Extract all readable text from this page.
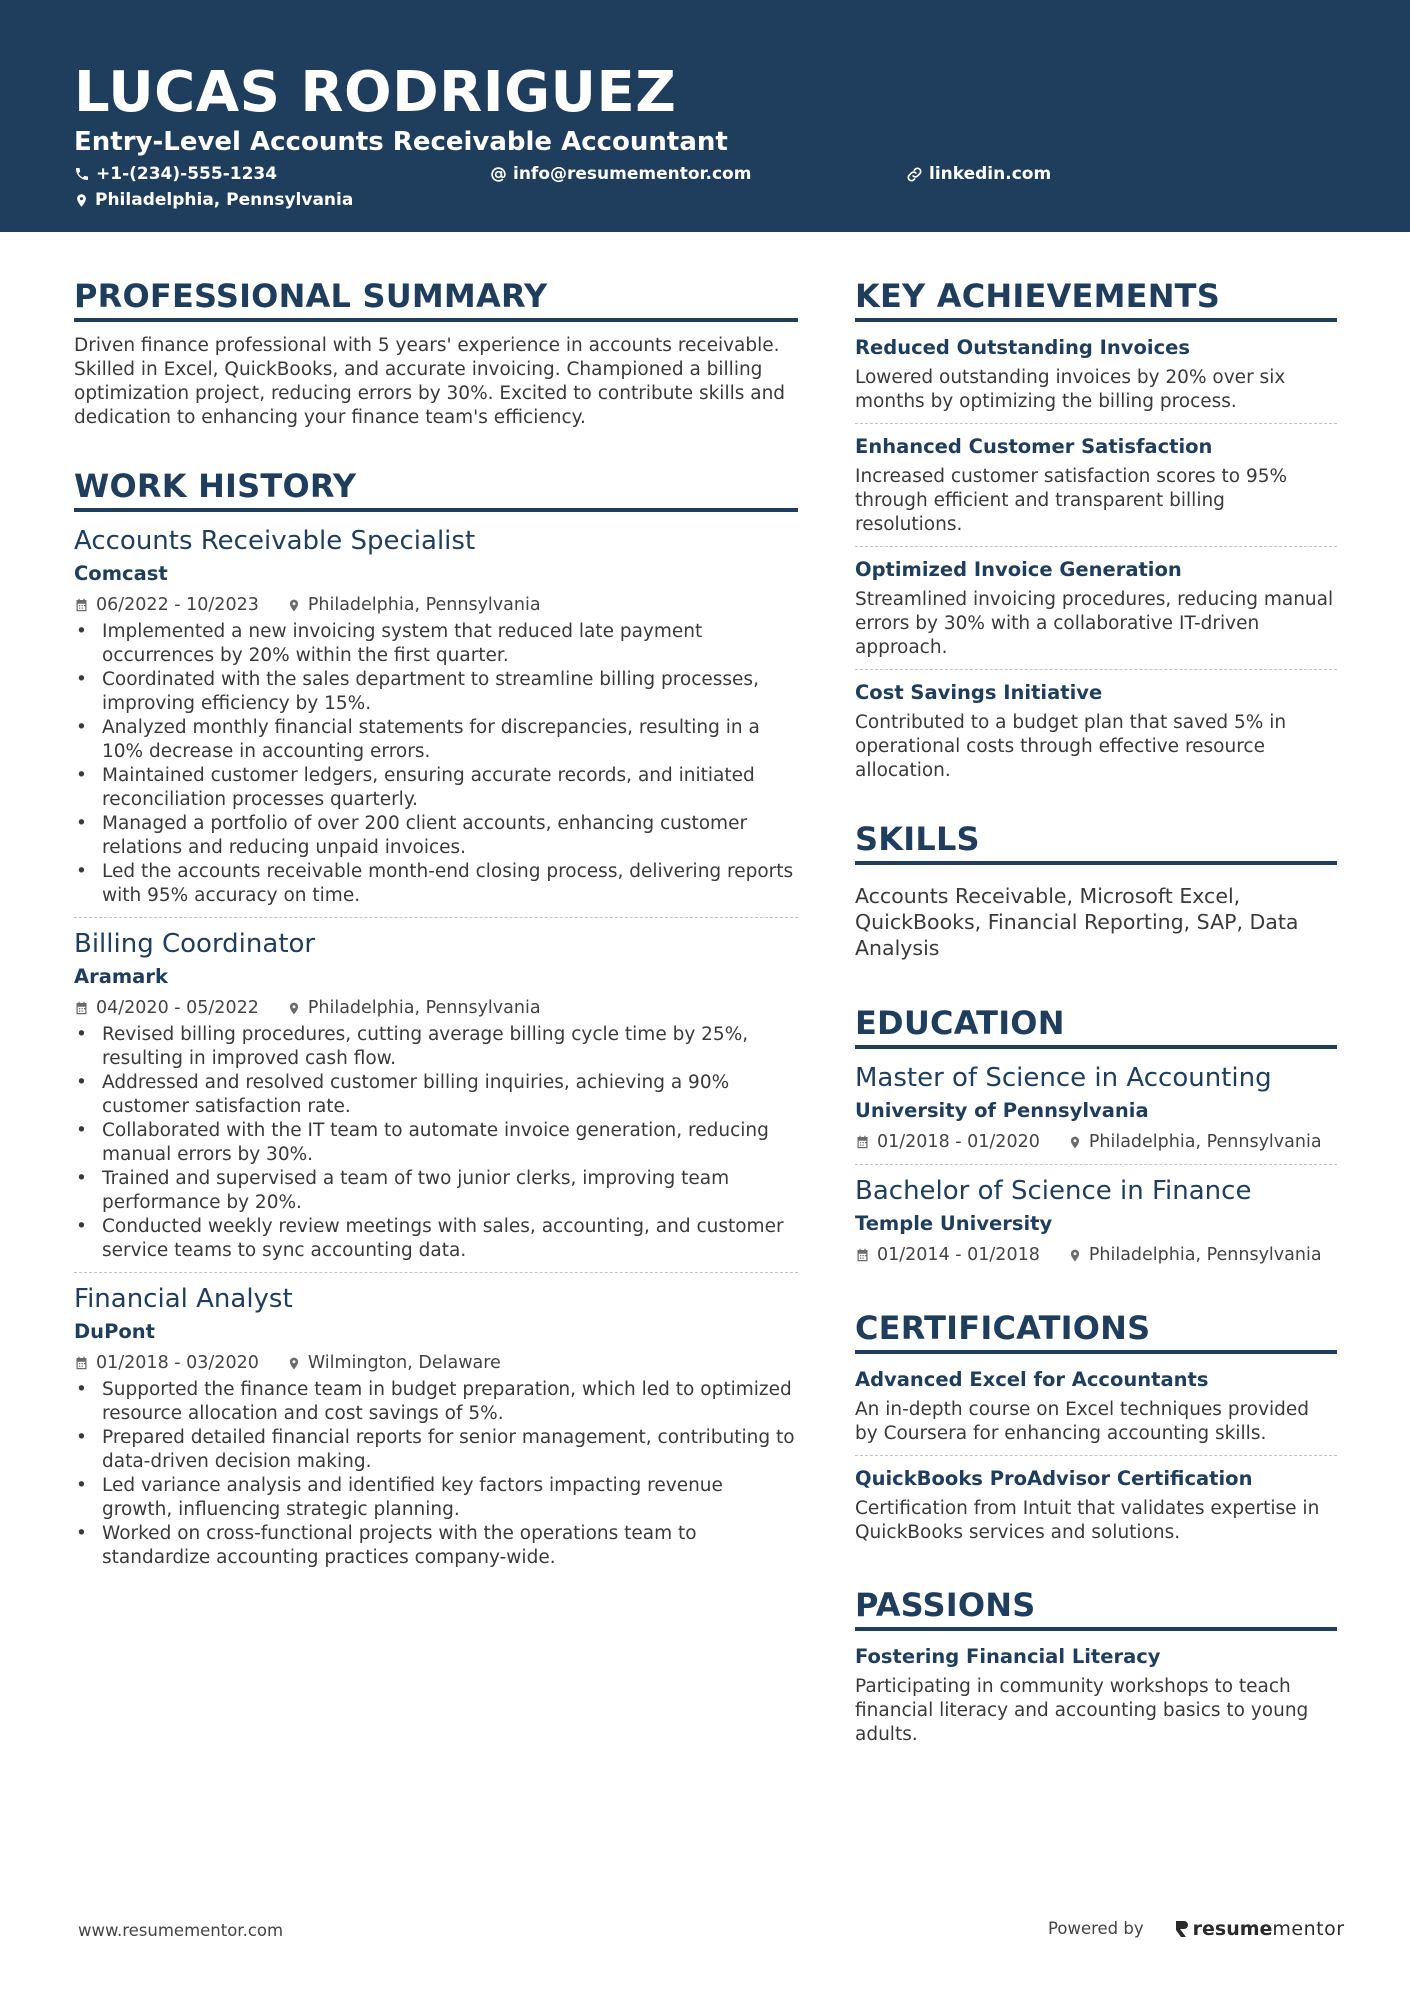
LUCAS RODRIGUEZ
Entry-Level Accounts Receivable Accountant
+1-(234)-555-1234	info@resumementor.com	linkedin.com
Philadelphia, Pennsylvania
PROFESSIONAL SUMMARY
Driven finance professional with 5 years' experience in accounts receivable. Skilled in Excel, QuickBooks, and accurate invoicing. Championed a billing optimization project, reducing errors by 30%. Excited to contribute skills and dedication to enhancing your finance team's efficiency.
WORK HISTORY
Accounts Receivable Specialist
Comcast
06/2022 - 10/2023	Philadelphia, Pennsylvania
• Implemented a new invoicing system that reduced late payment occurrences by 20% within the first quarter.
• Coordinated with the sales department to streamline billing processes, improving efficiency by 15%.
• Analyzed monthly financial statements for discrepancies, resulting in a 10% decrease in accounting errors.
• Maintained customer ledgers, ensuring accurate records, and initiated reconciliation processes quarterly.
• Managed a portfolio of over 200 client accounts, enhancing customer relations and reducing unpaid invoices.
• Led the accounts receivable month-end closing process, delivering reports with 95% accuracy on time.
Billing Coordinator
Aramark
04/2020 - 05/2022	Philadelphia, Pennsylvania
• Revised billing procedures, cutting average billing cycle time by 25%, resulting in improved cash flow.
• Addressed and resolved customer billing inquiries, achieving a 90% customer satisfaction rate.
• Collaborated with the IT team to automate invoice generation, reducing manual errors by 30%.
• Trained and supervised a team of two junior clerks, improving team performance by 20%.
• Conducted weekly review meetings with sales, accounting, and customer service teams to sync accounting data.
Financial Analyst
DuPont
01/2018 - 03/2020	Wilmington, Delaware
• Supported the finance team in budget preparation, which led to optimized resource allocation and cost savings of 5%.
• Prepared detailed financial reports for senior management, contributing to data-driven decision making.
• Led variance analysis and identified key factors impacting revenue growth, influencing strategic planning.
• Worked on cross-functional projects with the operations team to standardize accounting practices company-wide.
KEY ACHIEVEMENTS
Reduced Outstanding Invoices
Lowered outstanding invoices by 20% over six months by optimizing the billing process.
Enhanced Customer Satisfaction
Increased customer satisfaction scores to 95% through efficient and transparent billing resolutions.
Optimized Invoice Generation
Streamlined invoicing procedures, reducing manual errors by 30% with a collaborative IT-driven approach.
Cost Savings Initiative
Contributed to a budget plan that saved 5% in operational costs through effective resource allocation.
SKILLS
Accounts Receivable, Microsoft Excel, QuickBooks, Financial Reporting, SAP, Data Analysis
EDUCATION
Master of Science in Accounting
University of Pennsylvania
01/2018 - 01/2020	Philadelphia, Pennsylvania
Bachelor of Science in Finance
Temple University
01/2014 - 01/2018	Philadelphia, Pennsylvania
CERTIFICATIONS
Advanced Excel for Accountants
An in-depth course on Excel techniques provided by Coursera for enhancing accounting skills.
QuickBooks ProAdvisor Certification
Certification from Intuit that validates expertise in QuickBooks services and solutions.
PASSIONS
Fostering Financial Literacy
Participating in community workshops to teach financial literacy and accounting basics to young adults.
www.resumementor.com	Powered by	resume mentor
